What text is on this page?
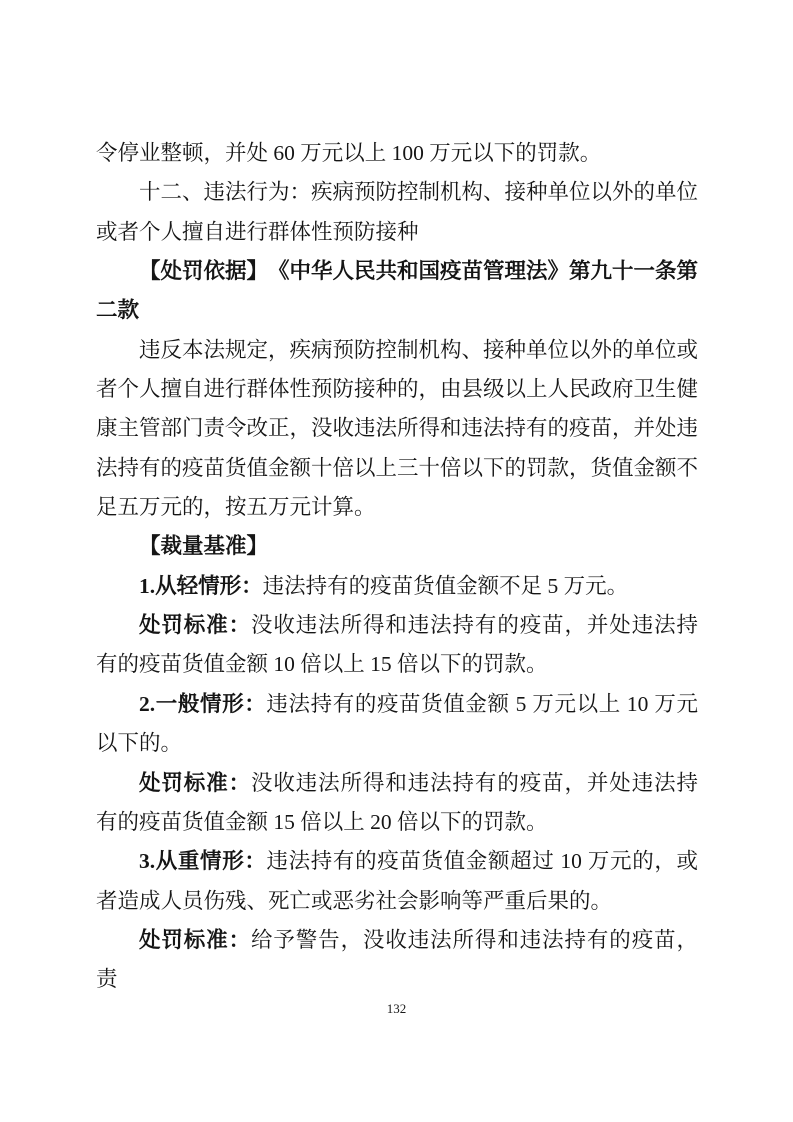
令停业整顿，并处 60 万元以上 100 万元以下的罚款。
十二、违法行为：疾病预防控制机构、接种单位以外的单位或者个人擅自进行群体性预防接种
【处罚依据】　《中华人民共和国疫苗管理法》第九十一条第二款
违反本法规定，疾病预防控制机构、接种单位以外的单位或者个人擅自进行群体性预防接种的，由县级以上人民政府卫生健康主管部门责令改正，没收违法所得和违法持有的疫苗，并处违法持有的疫苗货值金额十倍以上三十倍以下的罚款，货值金额不足五万元的，按五万元计算。
【裁量基准】
1.从轻情形：违法持有的疫苗货值金额不足 5 万元。
处罚标准：没收违法所得和违法持有的疫苗，并处违法持有的疫苗货值金额 10 倍以上 15 倍以下的罚款。
2.一般情形：违法持有的疫苗货值金额 5 万元以上 10 万元以下的。
处罚标准：没收违法所得和违法持有的疫苗，并处违法持有的疫苗货值金额 15 倍以上 20 倍以下的罚款。
3.从重情形：违法持有的疫苗货值金额超过 10 万元的，或者造成人员伤残、死亡或恶劣社会影响等严重后果的。
处罚标准：给予警告，没收违法所得和违法持有的疫苗，责
132
